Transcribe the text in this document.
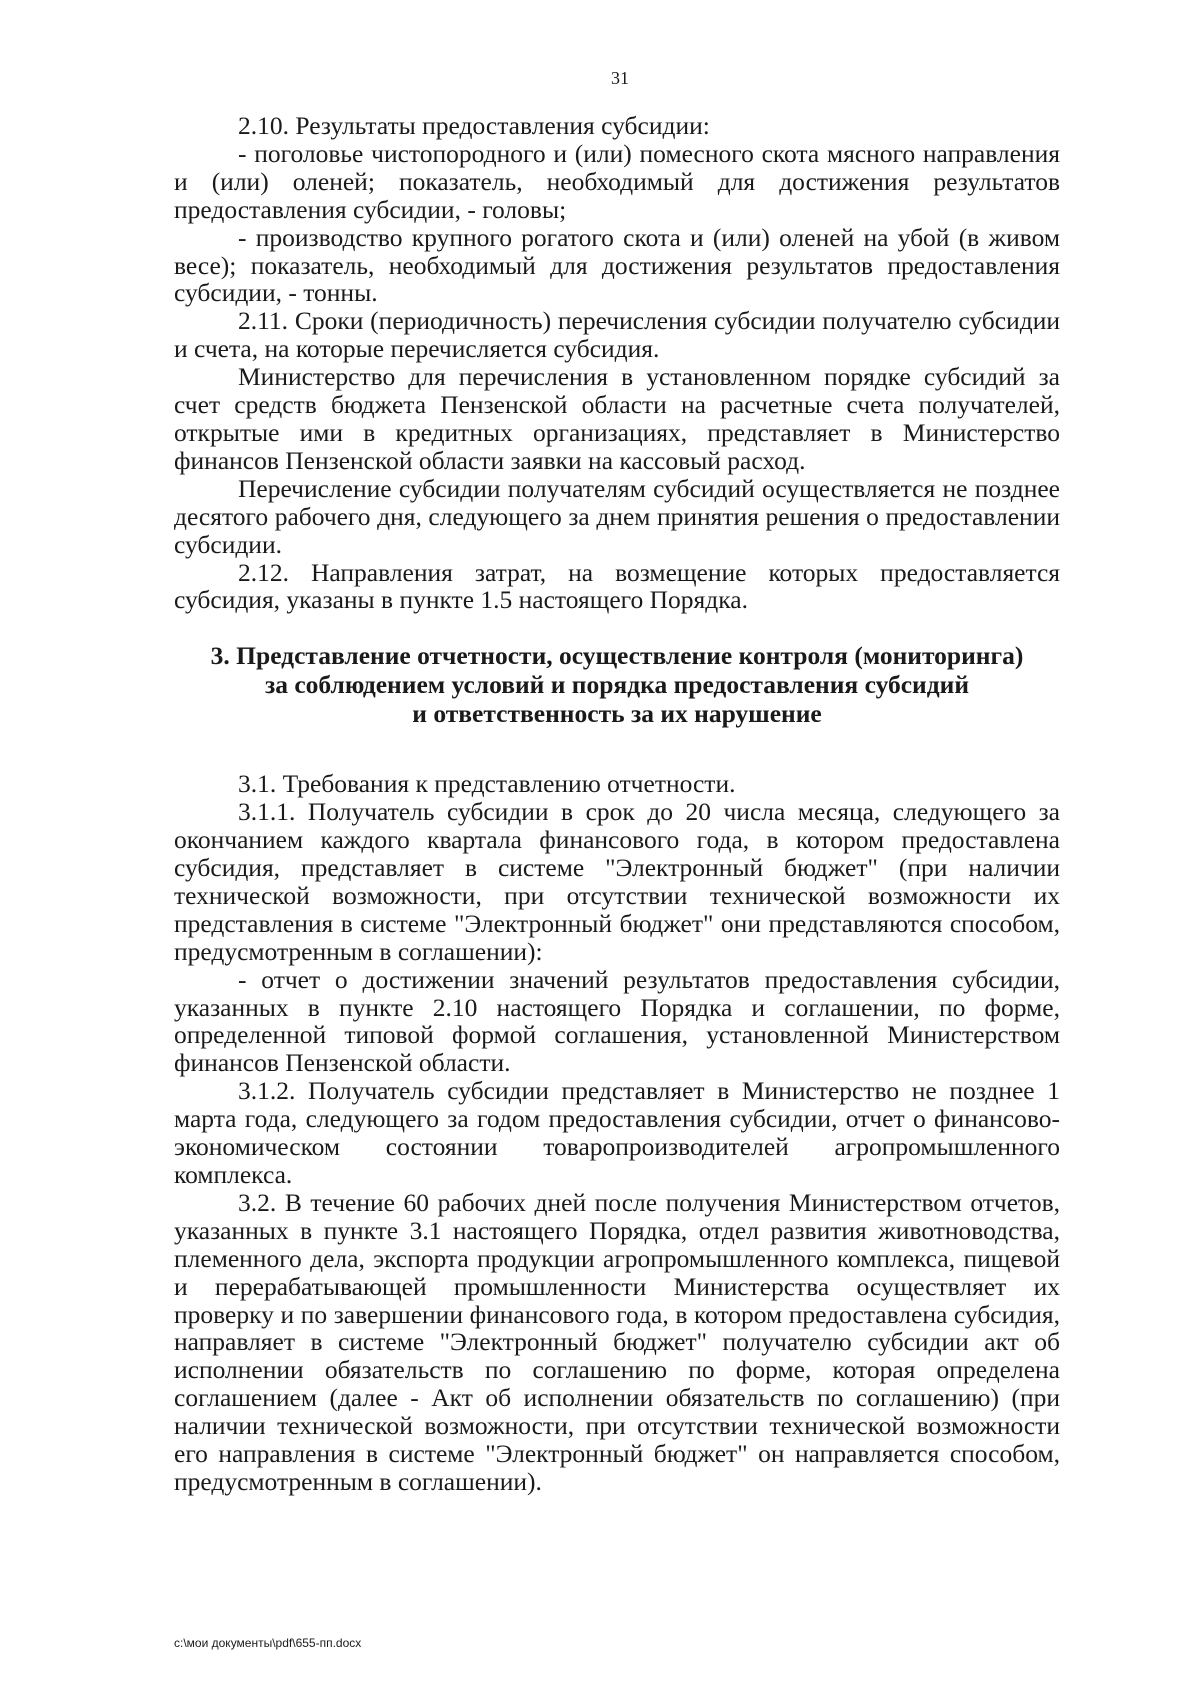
31

2.10. Результаты предоставления субсидии:

- поголовье чистопородного и (или) помесного скота мясного направления и (или) оленей; показатель, необходимый для достижения результатов предоставления субсидии, - головы;

- производство крупного рогатого скота и (или) оленей на убой (в живом весе); показатель, необходимый для достижения результатов предоставления субсидии, - тонны.

2.11. Сроки (периодичность) перечисления субсидии получателю субсидии и счета, на которые перечисляется субсидия.

Министерство для перечисления в установленном порядке субсидий за счет средств бюджета Пензенской области на расчетные счета получателей, открытые ими в кредитных организациях, представляет в Министерство финансов Пензенской области заявки на кассовый расход.

Перечисление субсидии получателям субсидий осуществляется не позднее десятого рабочего дня, следующего за днем принятия решения о предоставлении субсидии.

2.12. Направления затрат, на возмещение которых предоставляется субсидия, указаны в пункте 1.5 настоящего Порядка.

3. Представление отчетности, осуществление контроля (мониторинга)
за соблюдением условий и порядка предоставления субсидий
и ответственность за их нарушение

3.1. Требования к представлению отчетности.

3.1.1. Получатель субсидии в срок до 20 числа месяца, следующего за окончанием каждого квартала финансового года, в котором предоставлена субсидия, представляет в системе "Электронный бюджет" (при наличии технической возможности, при отсутствии технической возможности их представления в системе "Электронный бюджет" они представляются способом, предусмотренным в соглашении):

- отчет о достижении значений результатов предоставления субсидии, указанных в пункте 2.10 настоящего Порядка и соглашении, по форме, определенной типовой формой соглашения, установленной Министерством финансов Пензенской области.

3.1.2. Получатель субсидии представляет в Министерство не позднее 1 марта года, следующего за годом предоставления субсидии, отчет о финансово-экономическом состоянии товаропроизводителей агропромышленного комплекса.

3.2. В течение 60 рабочих дней после получения Министерством отчетов, указанных в пункте 3.1 настоящего Порядка, отдел развития животноводства, племенного дела, экспорта продукции агропромышленного комплекса, пищевой и перерабатывающей промышленности Министерства осуществляет их проверку и по завершении финансового года, в котором предоставлена субсидия, направляет в системе "Электронный бюджет" получателю субсидии акт об исполнении обязательств по соглашению по форме, которая определена соглашением (далее - Акт об исполнении обязательств по соглашению) (при наличии технической возможности, при отсутствии технической возможности его направления в системе "Электронный бюджет" он направляется способом, предусмотренным в соглашении).

c:\мои документы\pdf\655-пп.docx
